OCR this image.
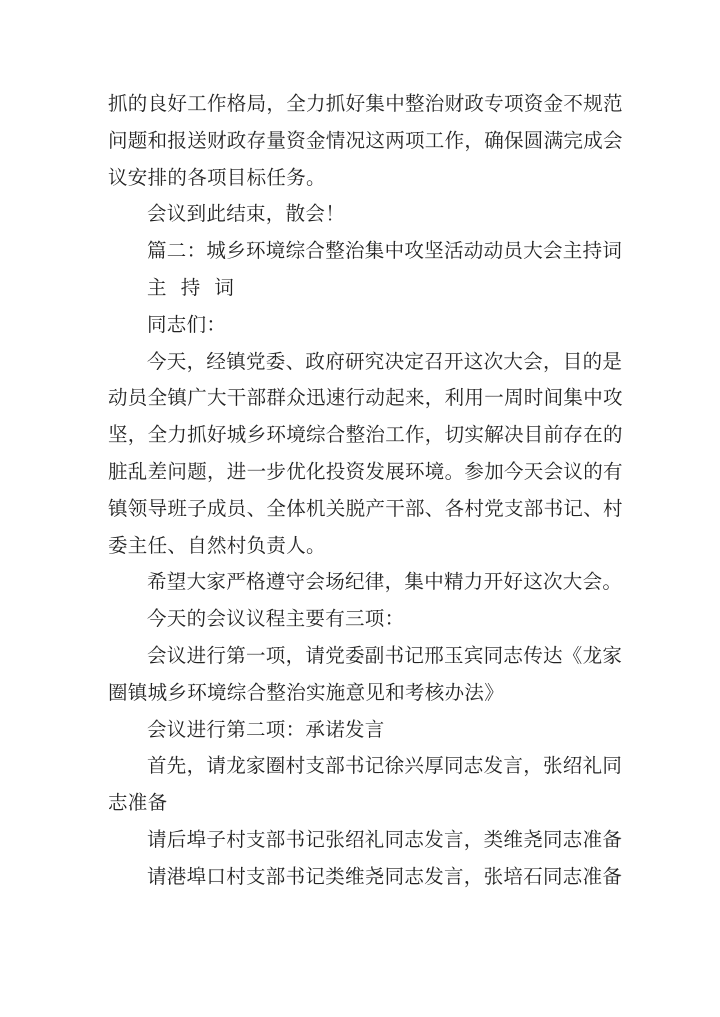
抓的良好工作格局，全力抓好集中整治财政专项资金不规范
问题和报送财政存量资金情况这两项工作，确保圆满完成会
议安排的各项目标任务。

会议到此结束，散会！

篇二：城乡环境综合整治集中攻坚活动动员大会主持词

主 持 词

同志们：

今天，经镇党委、政府研究决定召开这次大会，目的是
动员全镇广大干部群众迅速行动起来，利用一周时间集中攻
坚，全力抓好城乡环境综合整治工作，切实解决目前存在的
脏乱差问题，进一步优化投资发展环境。参加今天会议的有
镇领导班子成员、全体机关脱产干部、各村党支部书记、村
委主任、自然村负责人。

希望大家严格遵守会场纪律，集中精力开好这次大会。

今天的会议议程主要有三项：

会议进行第一项，请党委副书记邢玉宾同志传达《龙家
圈镇城乡环境综合整治实施意见和考核办法》

会议进行第二项：承诺发言

首先，请龙家圈村支部书记徐兴厚同志发言，张绍礼同
志准备

请后埠子村支部书记张绍礼同志发言，类维尧同志准备

请港埠口村支部书记类维尧同志发言，张培石同志准备
